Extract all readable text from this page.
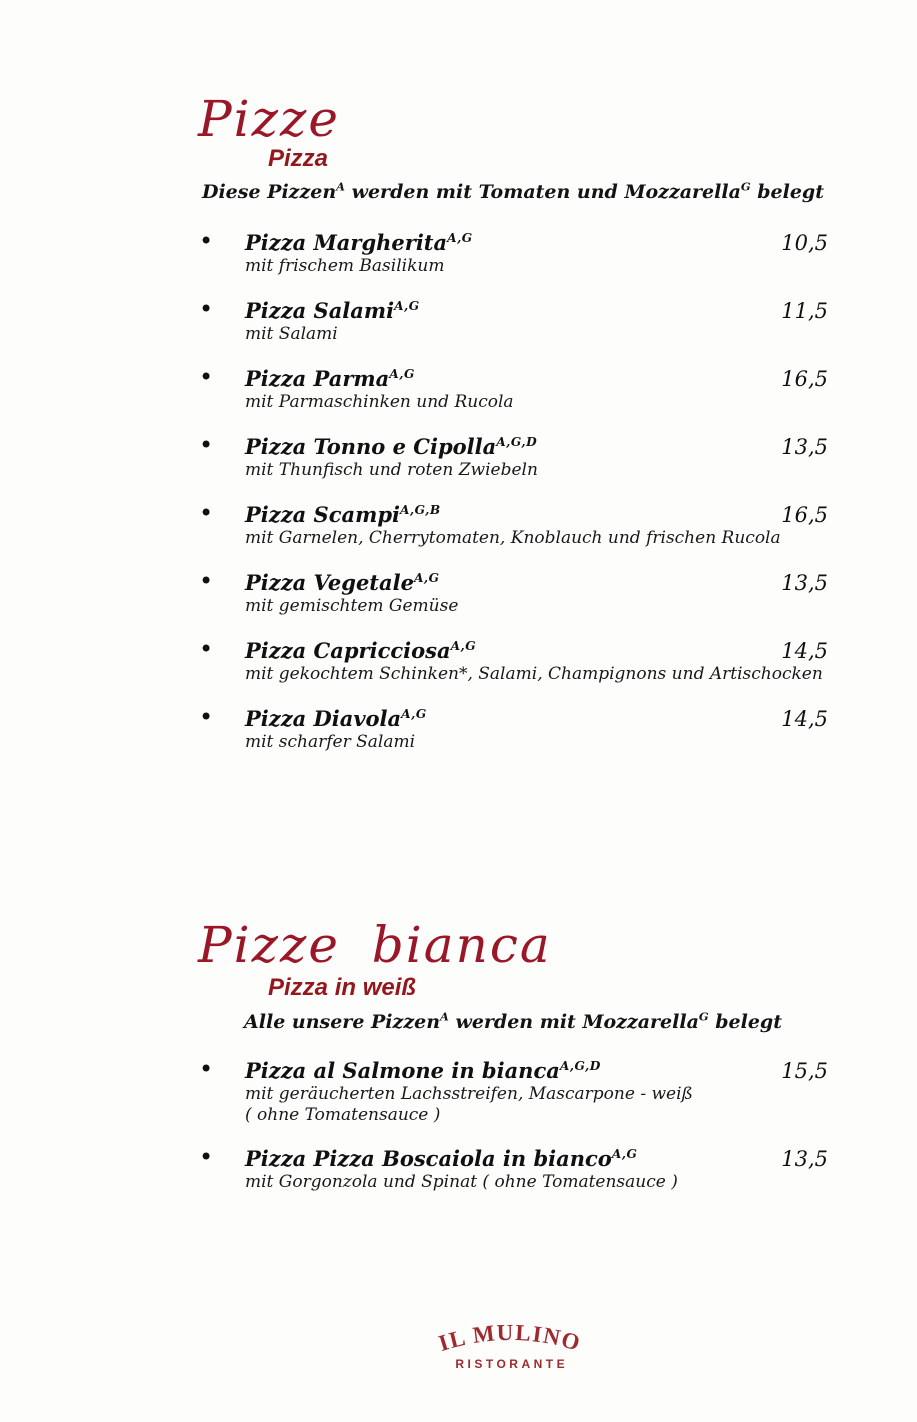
Pizze
Pizza
Diese Pizzen$^A$ werden mit Tomaten und Mozzarella$^G$ belegt
• Pizza Margherita$^{A,G}$
mit frischem Basilikum
10,5
• Pizza Salami$^{A,G}$
mit Salami
11,5
• Pizza Parma$^{A,G}$
mit Parmaschinken und Rucola
16,5
• Pizza Tonno e Cipolla$^{A,G,D}$
mit Thunfisch und roten Zwiebeln
13,5
• Pizza Scampi$^{A,G,B}$
mit Garnelen, Cherrytomaten, Knoblauch und frischen Rucola
16,5
• Pizza Vegetale$^{A,G}$
mit gemischtem Gemüse
13,5
• Pizza Capricciosa$^{A,G}$
mit gekochtem Schinken*, Salami, Champignons und Artischocken
14,5
• Pizza Diavola$^{A,G}$
mit scharfer Salami
14,5
Pizze bianca
Pizza in weiß
Alle unsere Pizzen$^A$ werden mit Mozzarella$^G$ belegt
• Pizza al Salmone in bianca$^{A,G,D}$
mit geräucherten Lachsstreifen, Mascarpone - weiß
( ohne Tomatensauce )
15,5
• Pizza Pizza Boscaiola in bianco$^{A,G}$
mit Gorgonzola und Spinat ( ohne Tomatensauce )
13,5
IL MULINO
RISTORANTE
